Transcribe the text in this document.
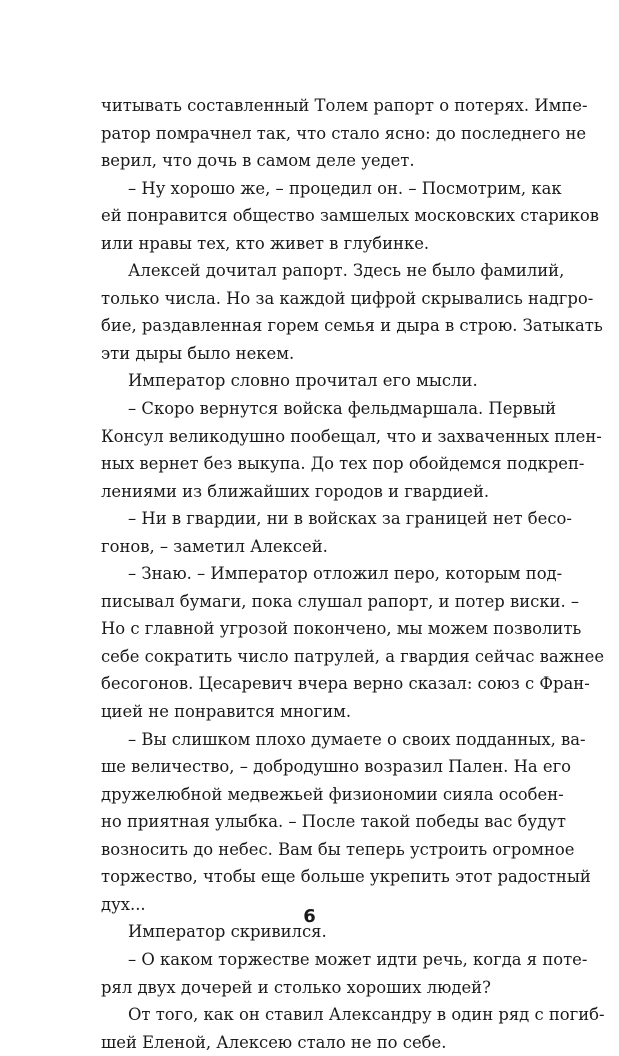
читывать составленный Толем рапорт о потерях. Импе-
ратор помрачнел так, что стало ясно: до последнего не
верил, что дочь в самом деле уедет.
– Ну хорошо же, – процедил он. – Посмотрим, как
ей понравится общество замшелых московских стариков
или нравы тех, кто живет в глубинке.
Алексей дочитал рапорт. Здесь не было фамилий,
только числа. Но за каждой цифрой скрывались надгро-
бие, раздавленная горем семья и дыра в строю. Затыкать
эти дыры было некем.
Император словно прочитал его мысли.
– Скоро вернутся войска фельдмаршала. Первый
Консул великодушно пообещал, что и захваченных плен-
ных вернет без выкупа. До тех пор обойдемся подкреп-
лениями из ближайших городов и гвардией.
– Ни в гвардии, ни в войсках за границей нет бесо-
гонов, – заметил Алексей.
– Знаю. – Император отложил перо, которым под-
писывал бумаги, пока слушал рапорт, и потер виски. –
Но с главной угрозой покончено, мы можем позволить
себе сократить число патрулей, а гвардия сейчас важнее
бесогонов. Цесаревич вчера верно сказал: союз с Фран-
цией не понравится многим.
– Вы слишком плохо думаете о своих подданных, ва-
ше величество, – добродушно возразил Пален. На его
дружелюбной медвежьей физиономии сияла особен-
но приятная улыбка. – После такой победы вас будут
возносить до небес. Вам бы теперь устроить огромное
торжество, чтобы еще больше укрепить этот радостный
дух...
Император скривился.
– О каком торжестве может идти речь, когда я поте-
рял двух дочерей и столько хороших людей?
От того, как он ставил Александру в один ряд с погиб-
шей Еленой, Алексею стало не по себе.
6
